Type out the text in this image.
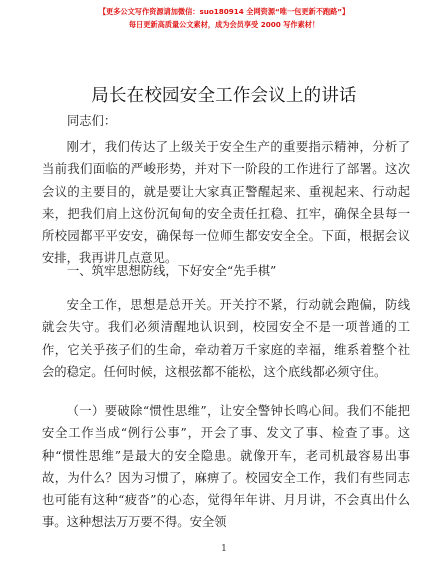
【更多公文写作资源请加微信：suo180914 全网资源“唯一包更新不跑路”】
每日更新高质量公文素材，成为会员享受 2000 写作素材！
局长在校园安全工作会议上的讲话
同志们：

刚才，我们传达了上级关于安全生产的重要指示精神，分析了当前我们面临的严峻形势，并对下一阶段的工作进行了部署。这次会议的主要目的，就是要让大家真正警醒起来、重视起来、行动起来，把我们肩上这份沉甸甸的安全责任扛稳、扛牢，确保全县每一所校园都平平安安，确保每一位师生都安安全全。下面，根据会议安排，我再讲几点意见。

一、筑牢思想防线，下好安全“先手棋”

安全工作，思想是总开关。开关拧不紧，行动就会跑偏，防线就会失守。我们必须清醒地认识到，校园安全不是一项普通的工作，它关乎孩子们的生命，牵动着万千家庭的幸福，维系着整个社会的稳定。任何时候，这根弦都不能松，这个底线都必须守住。

（一）要破除“惯性思维”，让安全警钟长鸣心间。我们不能把安全工作当成“例行公事”，开会了事、发文了事、检查了事。这种“惯性思维”是最大的安全隐患。就像开车，老司机最容易出事故，为什么？因为习惯了，麻痹了。校园安全工作，我们有些同志也可能有这种“疲沓”的心态，觉得年年讲、月月讲，不会真出什么事。这种想法万万要不得。安全领

1
